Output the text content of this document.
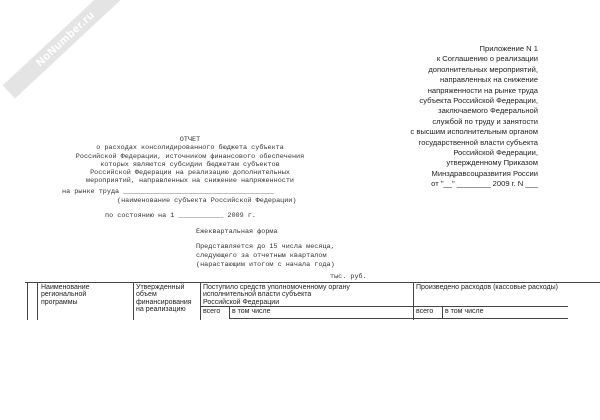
NoNumber.ru	Приложение N 1
к Соглашению о реализации
дополнительных мероприятий,
направленных на снижение
напряженности на рынке труда
субъекта Российской Федерации,
заключаемого Федеральной
службой по труду и занятости
с высшим исполнительным органом
государственной власти субъекта
Российской Федерации,
утвержденному Приказом
Минздравсоцразвития России
от "__" ________ 2009 г. N ___
ОТЧЕТ
о расходах консолидированного бюджета субъекта
Российской Федерации, источником финансового обеспечения
которых являются субсидии бюджетам субъектов
Российской Федерации на реализацию дополнительных
мероприятий, направленных на снижение напряженности
на рынке труда _____________________________________
(наименование субъекта Российской Федерации)
по состоянию на 1 ___________ 2009 г.
Ежеквартальная форма
Представляется до 15 числа месяца,
следующего за отчетным кварталом
(нарастающим итогом с начала года)
тыс. руб.
Наименование
региональной
программы
Утвержденный
объем
финансирования
на реализацию
Поступило средств уполномоченному органу
исполнительной власти субъекта
Российской Федерации
Произведено расходов (кассовые расходы)
всего в том числе	всего в том числе
